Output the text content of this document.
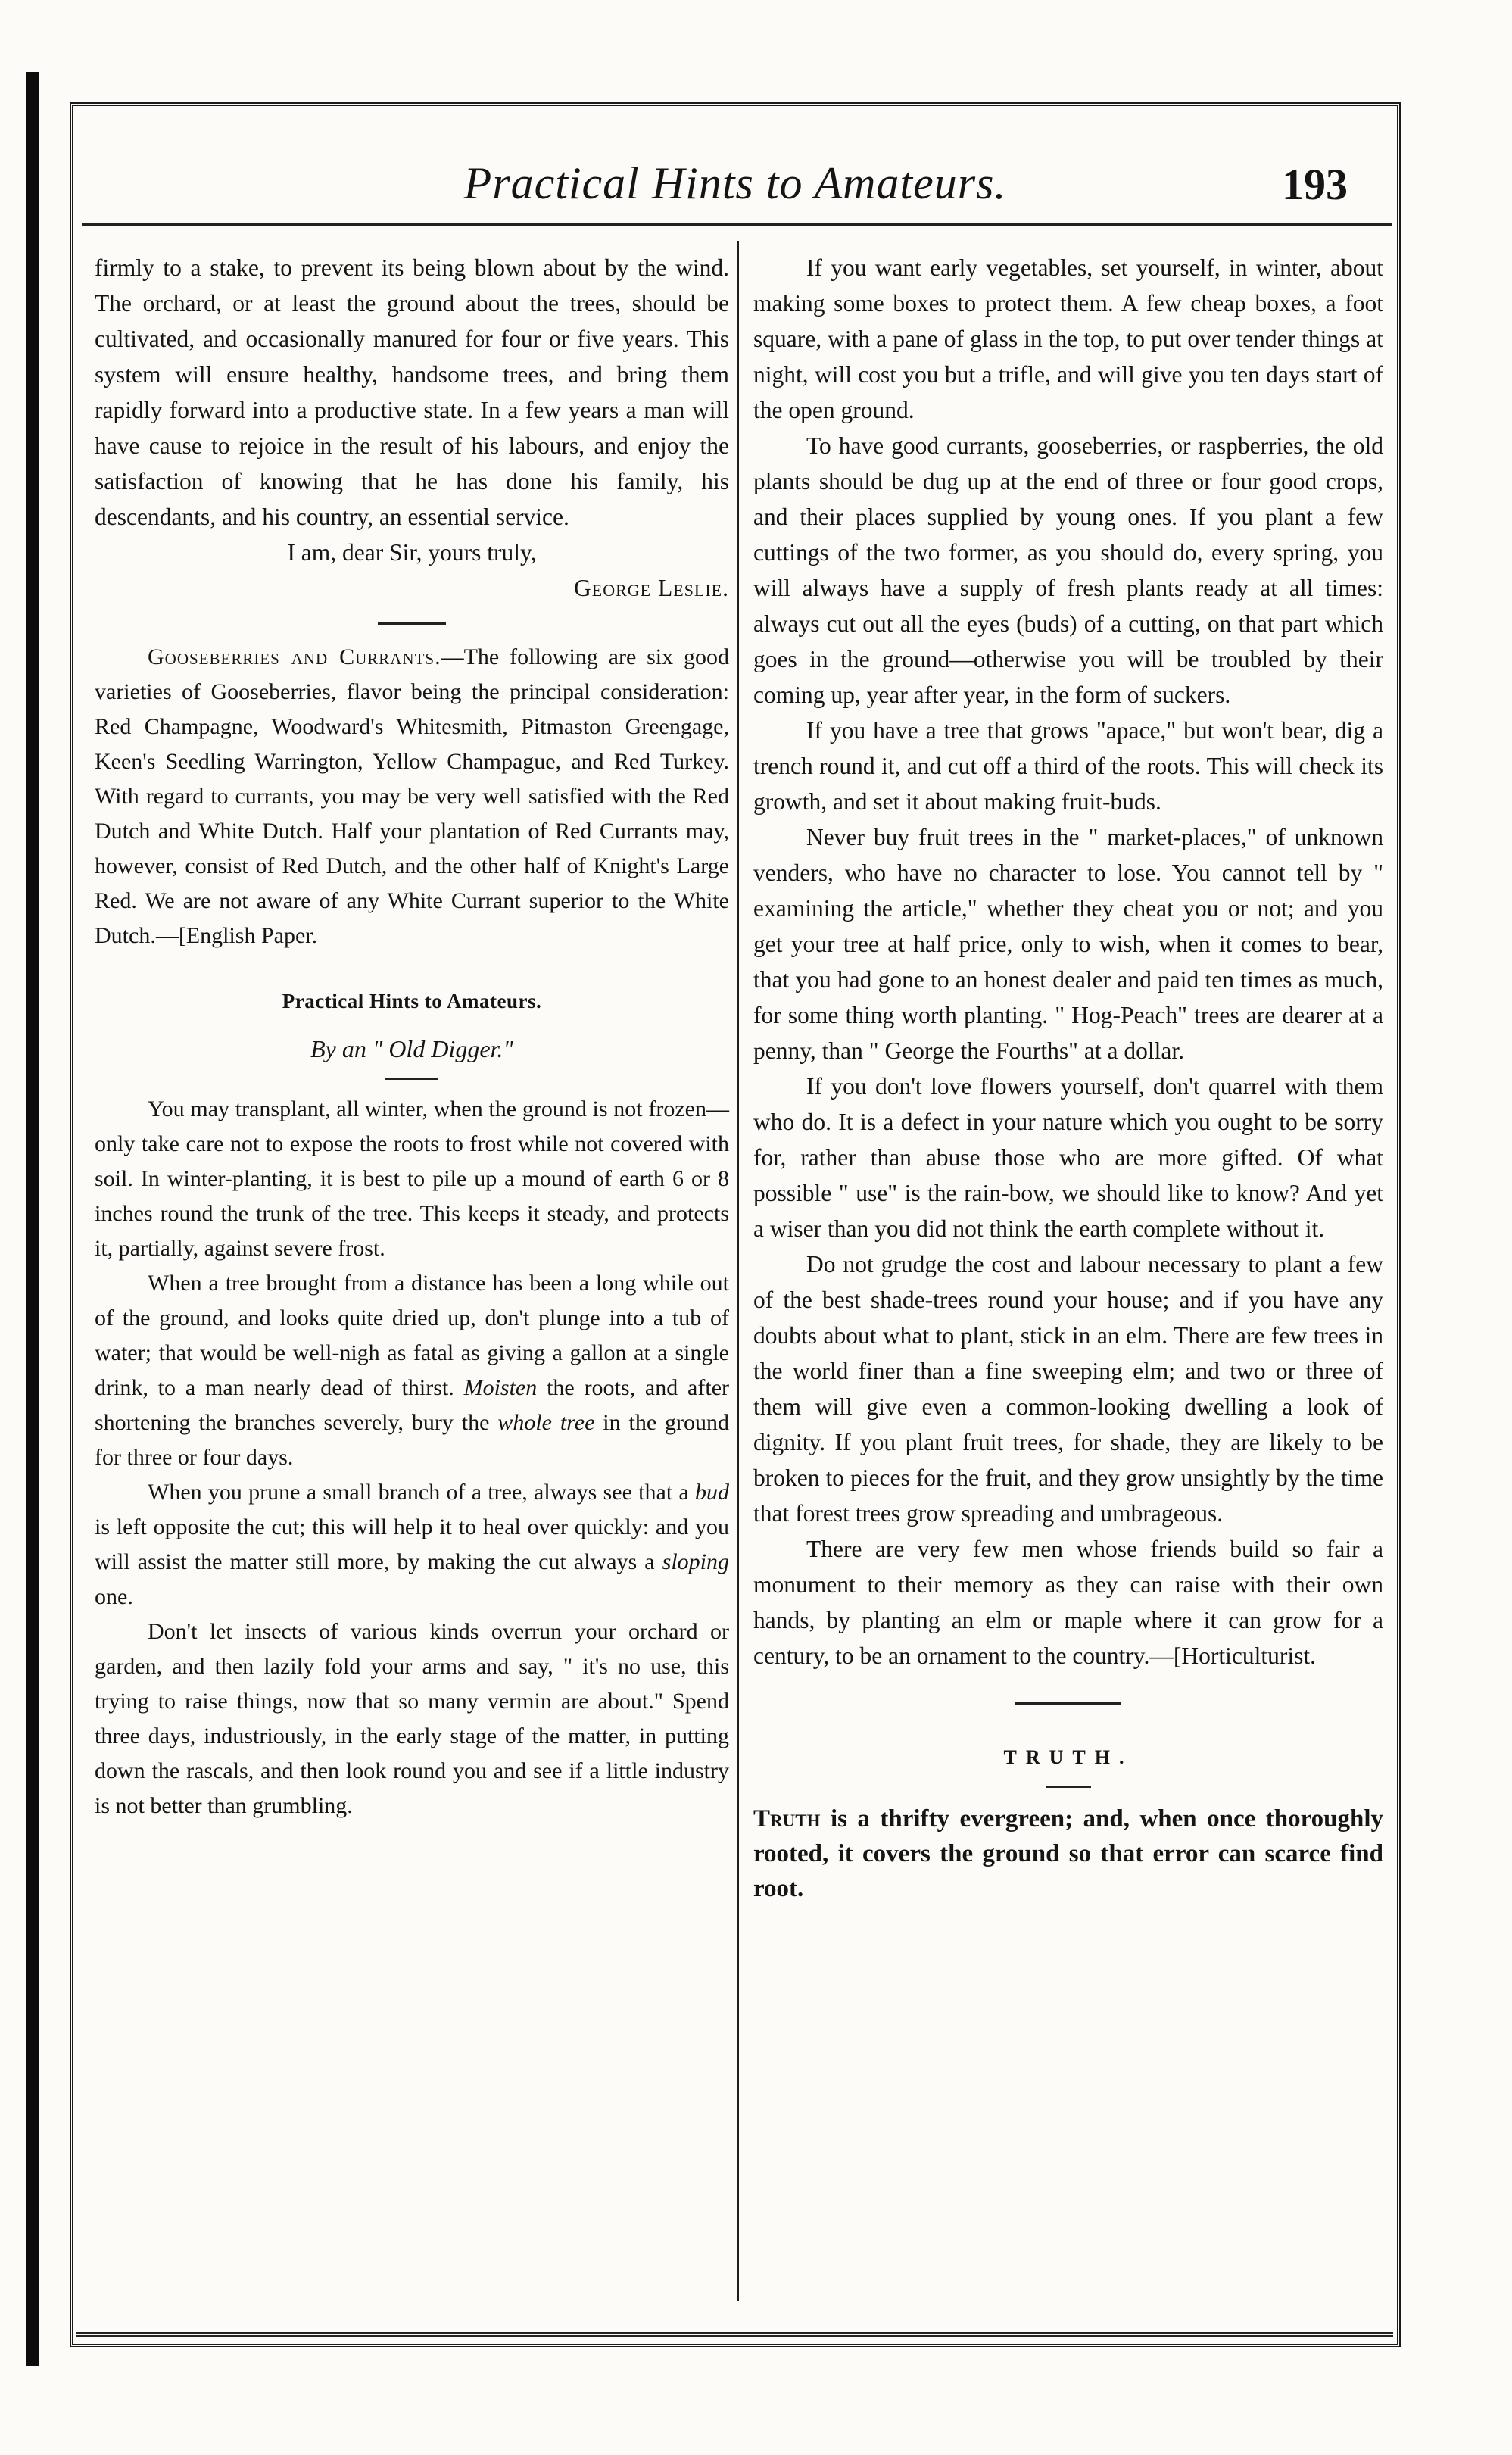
Practical Hints to Amateurs.	193

firmly to a stake, to prevent its being blown about by the wind. The orchard, or at least the ground about the trees, should be cultivated, and occasionally manured for four or five years. This system will ensure healthy, handsome trees, and bring them rapidly forward into a productive state. In a few years a man will have cause to rejoice in the result of his labours, and enjoy the satisfaction of knowing that he has done his family, his descendants, and his country, an essential service.

I am, dear Sir, yours truly,

George Leslie.

Gooseberries and Currants.—The following are six good varieties of Gooseberries, flavor being the principal consideration: Red Champagne, Woodward's Whitesmith, Pitmaston Greengage, Keen's Seedling Warrington, Yellow Champague, and Red Turkey. With regard to currants, you may be very well satisfied with the Red Dutch and White Dutch. Half your plantation of Red Currants may, however, consist of Red Dutch, and the other half of Knight's Large Red. We are not aware of any White Currant superior to the White Dutch.—[English Paper.

Practical Hints to Amateurs.
By an " Old Digger."

You may transplant, all winter, when the ground is not frozen—only take care not to expose the roots to frost while not covered with soil. In winter-planting, it is best to pile up a mound of earth 6 or 8 inches round the trunk of the tree. This keeps it steady, and protects it, partially, against severe frost.

When a tree brought from a distance has been a long while out of the ground, and looks quite dried up, don't plunge into a tub of water; that would be well-nigh as fatal as giving a gallon at a single drink, to a man nearly dead of thirst. Moisten the roots, and after shortening the branches severely, bury the whole tree in the ground for three or four days.

When you prune a small branch of a tree, always see that a bud is left opposite the cut; this will help it to heal over quickly: and you will assist the matter still more, by making the cut always a sloping one.

Don't let insects of various kinds overrun your orchard or garden, and then lazily fold your arms and say, " it's no use, this trying to raise things, now that so many vermin are about." Spend three days, industriously, in the early stage of the matter, in putting down the rascals, and then look round you and see if a little industry is not better than grumbling.

If you want early vegetables, set yourself, in winter, about making some boxes to protect them. A few cheap boxes, a foot square, with a pane of glass in the top, to put over tender things at night, will cost you but a trifle, and will give you ten days start of the open ground.

To have good currants, gooseberries, or raspberries, the old plants should be dug up at the end of three or four good crops, and their places supplied by young ones. If you plant a few cuttings of the two former, as you should do, every spring, you will always have a supply of fresh plants ready at all times: always cut out all the eyes (buds) of a cutting, on that part which goes in the ground—otherwise you will be troubled by their coming up, year after year, in the form of suckers.

If you have a tree that grows "apace," but won't bear, dig a trench round it, and cut off a third of the roots. This will check its growth, and set it about making fruit-buds.

Never buy fruit trees in the " market-places," of unknown venders, who have no character to lose. You cannot tell by " examining the article," whether they cheat you or not; and you get your tree at half price, only to wish, when it comes to bear, that you had gone to an honest dealer and paid ten times as much, for some thing worth planting. " Hog-Peach" trees are dearer at a penny, than " George the Fourths" at a dollar.

If you don't love flowers yourself, don't quarrel with them who do. It is a defect in your nature which you ought to be sorry for, rather than abuse those who are more gifted. Of what possible " use" is the rain-bow, we should like to know? And yet a wiser than you did not think the earth complete without it.

Do not grudge the cost and labour necessary to plant a few of the best shade-trees round your house; and if you have any doubts about what to plant, stick in an elm. There are few trees in the world finer than a fine sweeping elm; and two or three of them will give even a common-looking dwelling a look of dignity. If you plant fruit trees, for shade, they are likely to be broken to pieces for the fruit, and they grow unsightly by the time that forest trees grow spreading and umbrageous.

There are very few men whose friends build so fair a monument to their memory as they can raise with their own hands, by planting an elm or maple where it can grow for a century, to be an ornament to the country.—[Horticulturist.

TRUTH.

Truth is a thrifty evergreen; and, when once thoroughly rooted, it covers the ground so that error can scarce find root.
